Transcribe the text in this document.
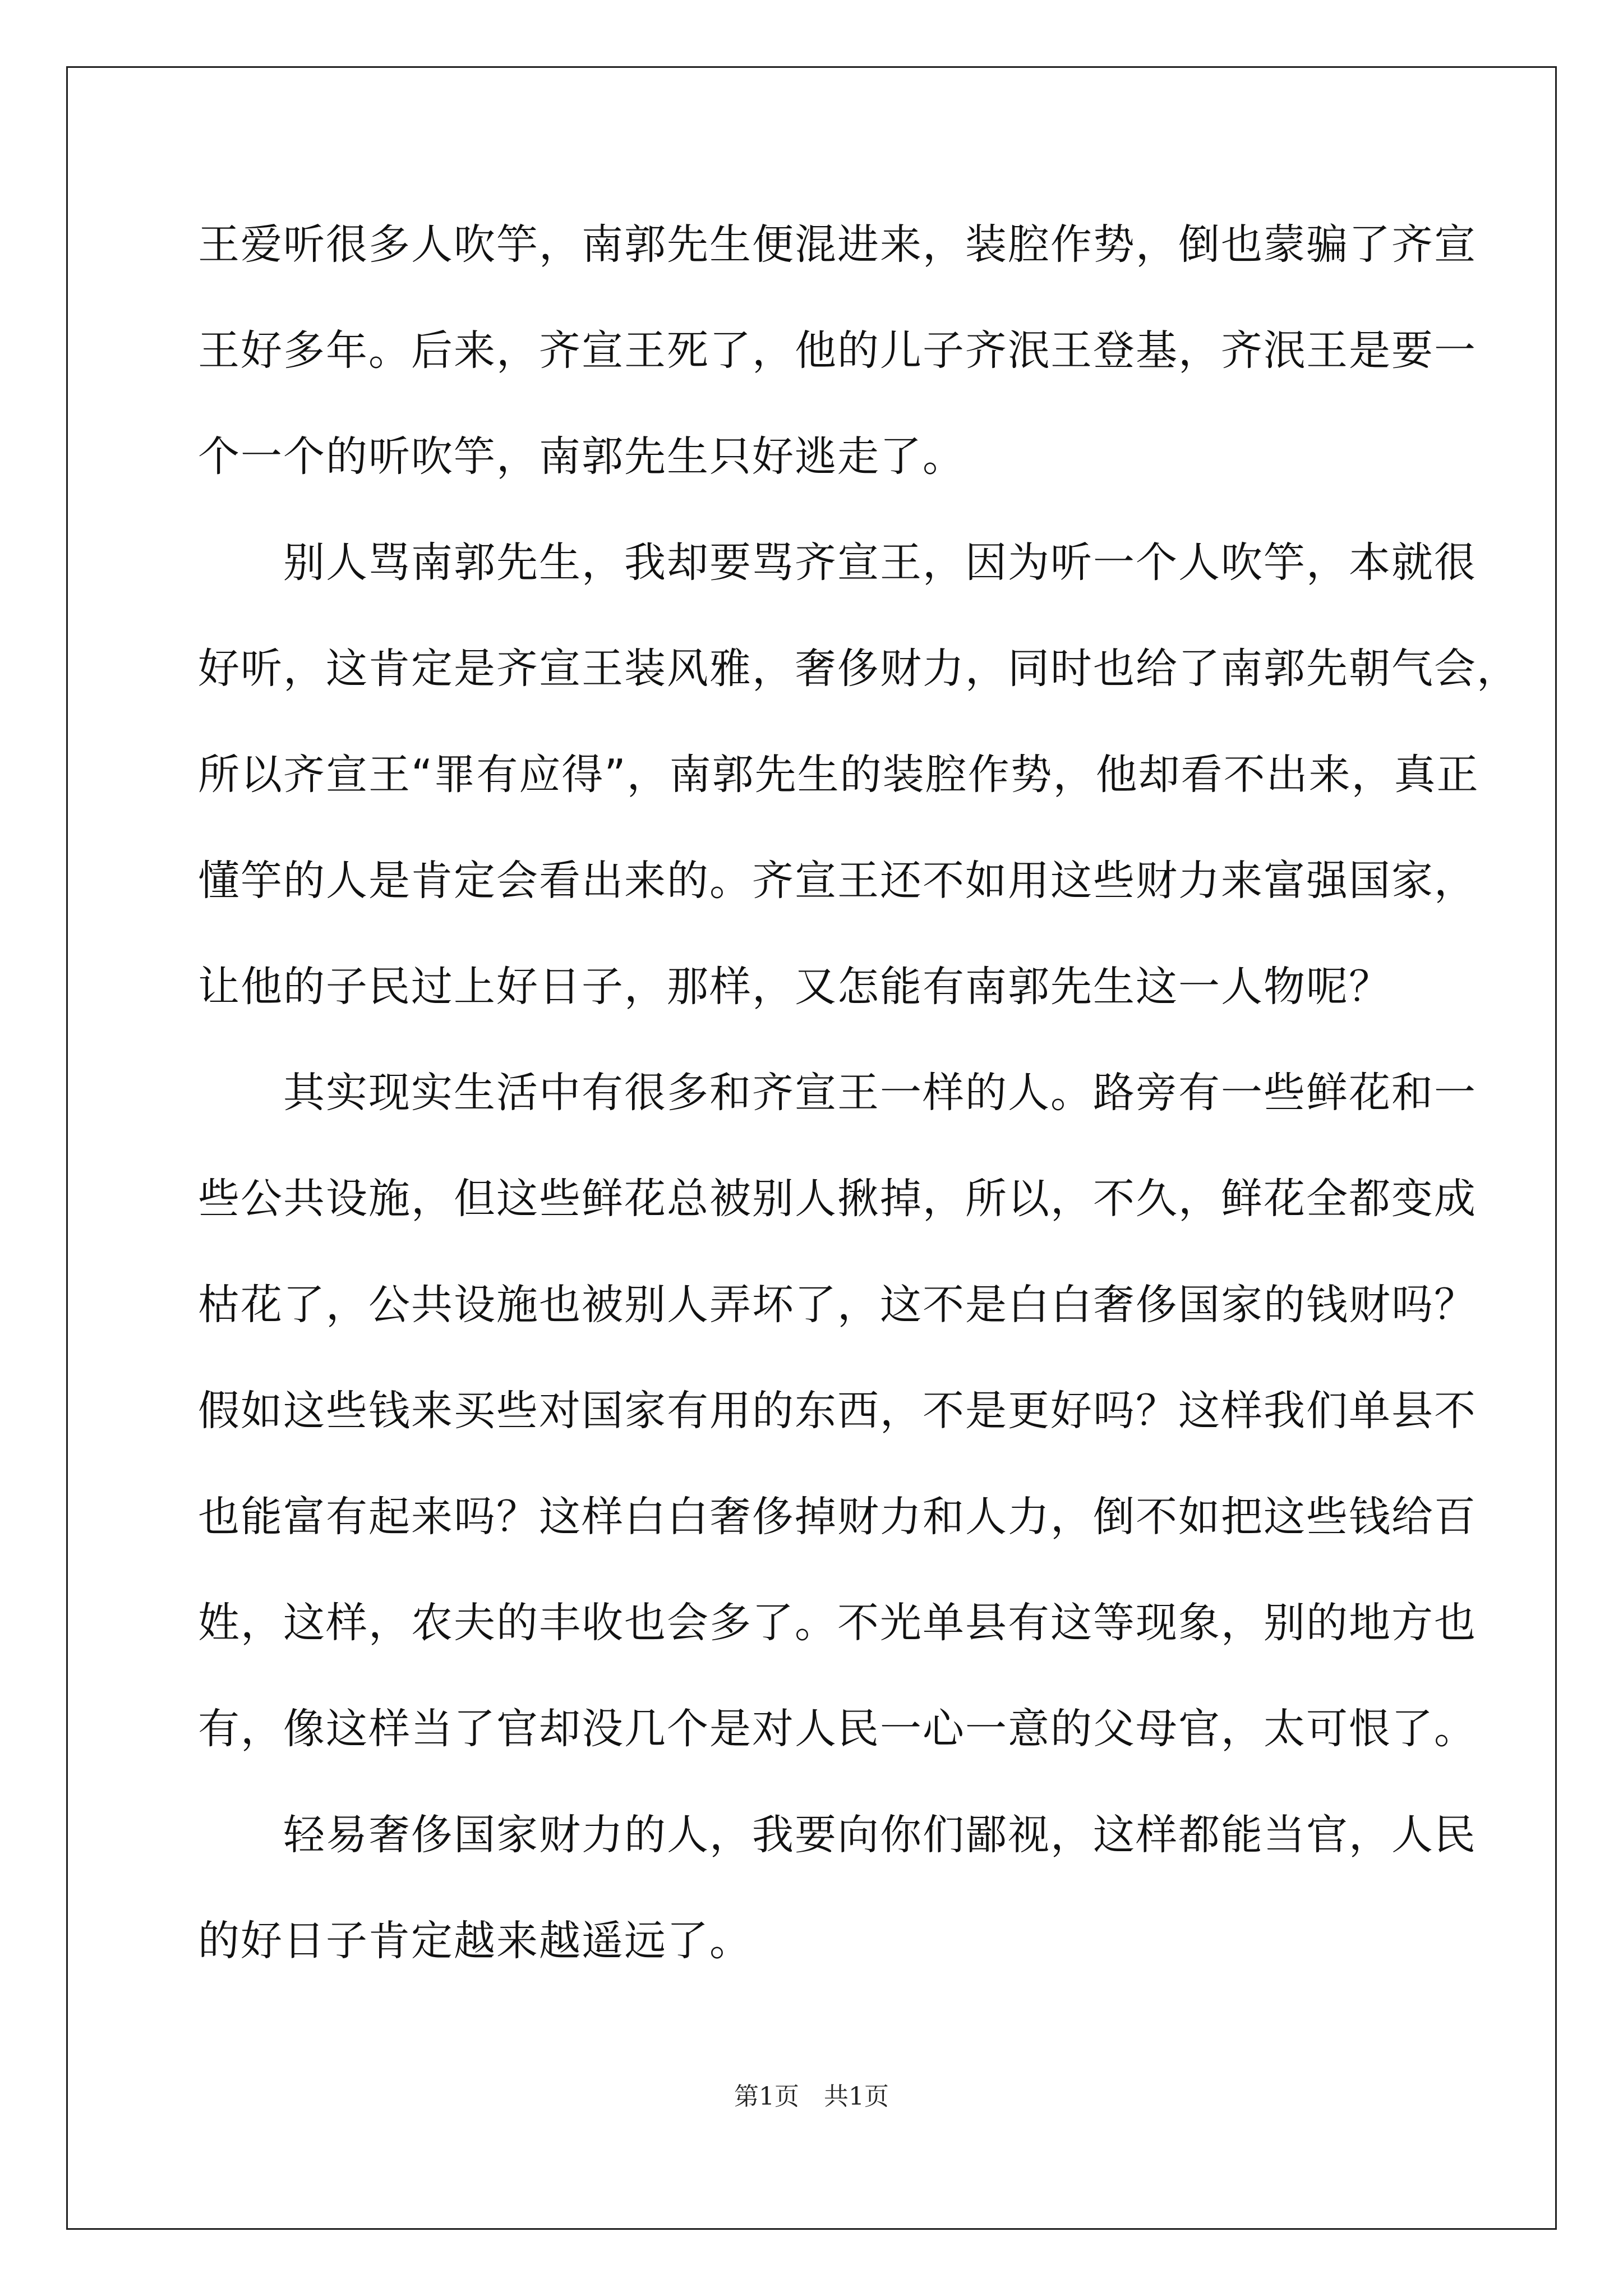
王爱听很多人吹竽，南郭先生便混进来，装腔作势，倒也蒙骗了齐宣
王好多年。后来，齐宣王死了，他的儿子齐泯王登基，齐泯王是要一
个一个的听吹竽，南郭先生只好逃走了。
　　别人骂南郭先生，我却要骂齐宣王，因为听一个人吹竽，本就很
好听，这肯定是齐宣王装风雅，奢侈财力，同时也给了南郭先朝气会，
所以齐宣王“罪有应得”，南郭先生的装腔作势，他却看不出来，真正
懂竽的人是肯定会看出来的。齐宣王还不如用这些财力来富强国家，
让他的子民过上好日子，那样，又怎能有南郭先生这一人物呢？
　　其实现实生活中有很多和齐宣王一样的人。路旁有一些鲜花和一
些公共设施，但这些鲜花总被别人揪掉，所以，不久，鲜花全都变成
枯花了，公共设施也被别人弄坏了，这不是白白奢侈国家的钱财吗？
假如这些钱来买些对国家有用的东西，不是更好吗？这样我们单县不
也能富有起来吗？这样白白奢侈掉财力和人力，倒不如把这些钱给百
姓，这样，农夫的丰收也会多了。不光单县有这等现象，别的地方也
有，像这样当了官却没几个是对人民一心一意的父母官，太可恨了。
　　轻易奢侈国家财力的人，我要向你们鄙视，这样都能当官，人民
的好日子肯定越来越遥远了。
第1页　共1页
